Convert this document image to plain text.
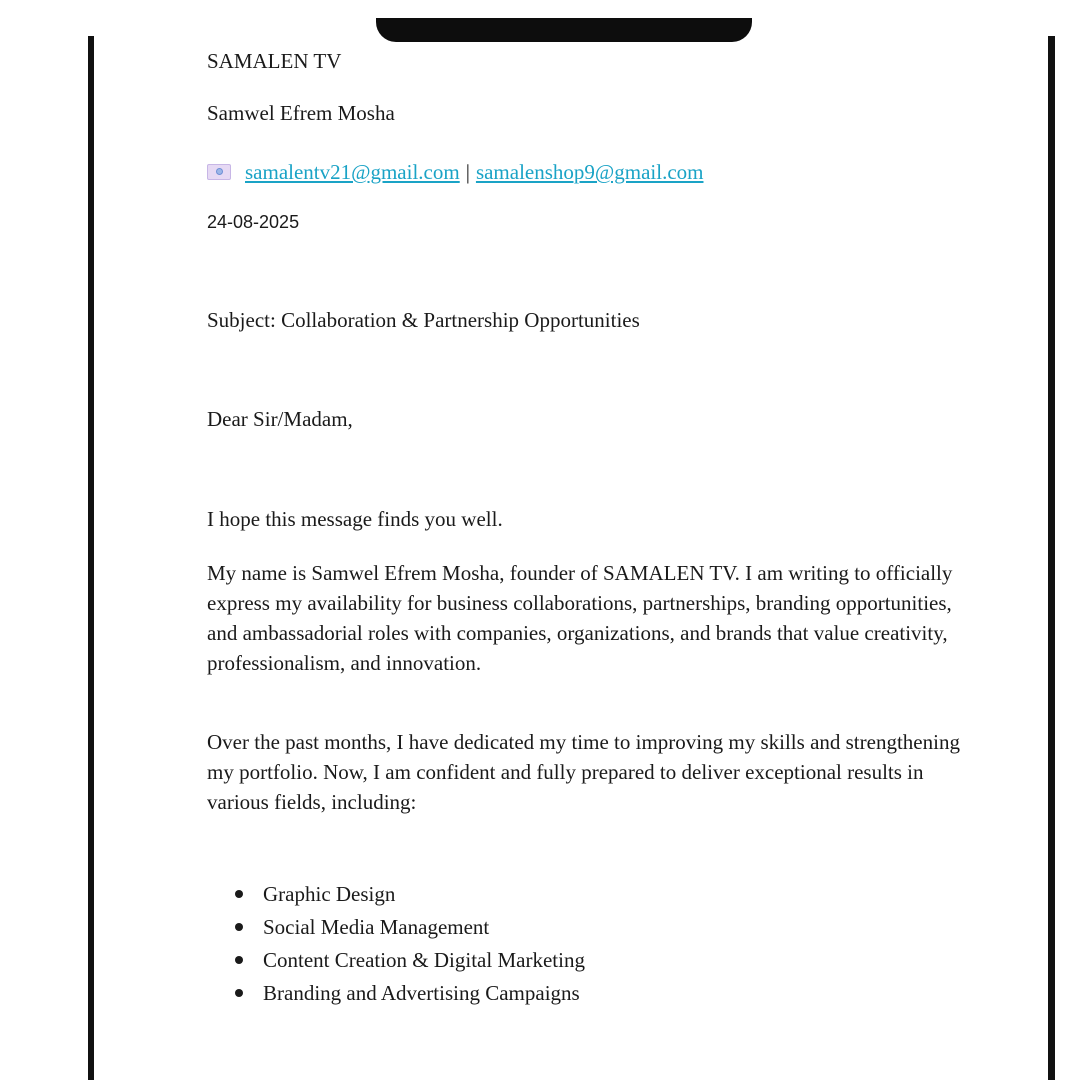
SAMALEN TV
Samwel Efrem Mosha
samalentv21@gmail.com | samalenshop9@gmail.com
24-08-2025
Subject: Collaboration & Partnership Opportunities
Dear Sir/Madam,
I hope this message finds you well.
My name is Samwel Efrem Mosha, founder of SAMALEN TV. I am writing to officially express my availability for business collaborations, partnerships, branding opportunities, and ambassadorial roles with companies, organizations, and brands that value creativity, professionalism, and innovation.
Over the past months, I have dedicated my time to improving my skills and strengthening my portfolio. Now, I am confident and fully prepared to deliver exceptional results in various fields, including:
Graphic Design
Social Media Management
Content Creation & Digital Marketing
Branding and Advertising Campaigns
